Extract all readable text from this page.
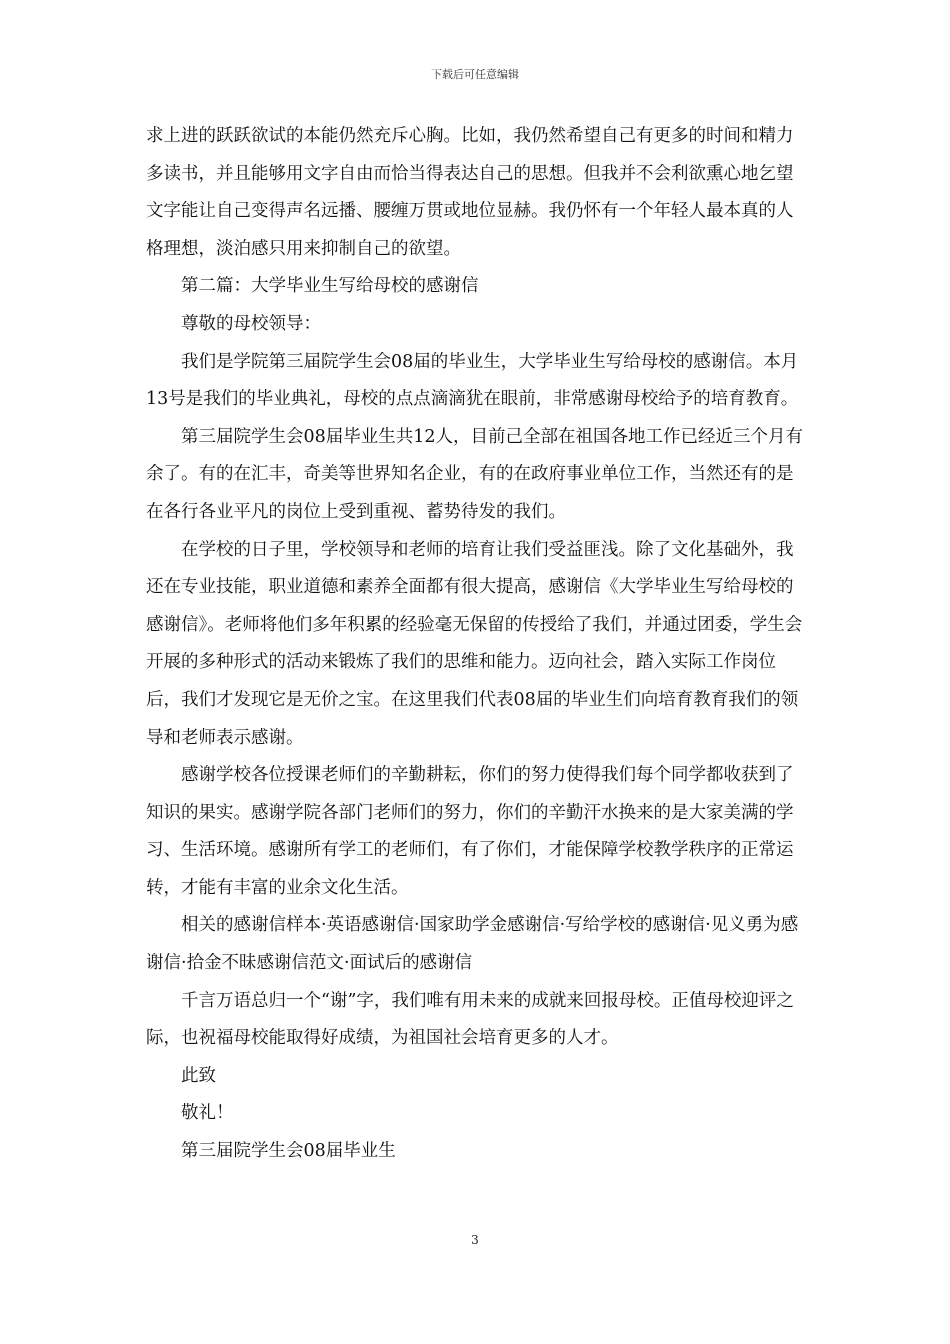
下载后可任意编辑

求上进的跃跃欲试的本能仍然充斥心胸。比如，我仍然希望自己有更多的时间和精力多读书，并且能够用文字自由而恰当得表达自己的思想。但我并不会利欲熏心地乞望文字能让自己变得声名远播、腰缠万贯或地位显赫。我仍怀有一个年轻人最本真的人格理想，淡泊感只用来抑制自己的欲望。

第二篇：大学毕业生写给母校的感谢信

尊敬的母校领导：

我们是学院第三届院学生会08届的毕业生，大学毕业生写给母校的感谢信。本月13号是我们的毕业典礼，母校的点点滴滴犹在眼前，非常感谢母校给予的培育教育。

第三届院学生会08届毕业生共12人，目前己全部在祖国各地工作已经近三个月有余了。有的在汇丰，奇美等世界知名企业，有的在政府事业单位工作，当然还有的是在各行各业平凡的岗位上受到重视、蓄势待发的我们。

在学校的日子里，学校领导和老师的培育让我们受益匪浅。除了文化基础外，我还在专业技能，职业道德和素养全面都有很大提高，感谢信《大学毕业生写给母校的感谢信》。老师将他们多年积累的经验毫无保留的传授给了我们，并通过团委，学生会开展的多种形式的活动来锻炼了我们的思维和能力。迈向社会，踏入实际工作岗位后，我们才发现它是无价之宝。在这里我们代表08届的毕业生们向培育教育我们的领导和老师表示感谢。

感谢学校各位授课老师们的辛勤耕耘，你们的努力使得我们每个同学都收获到了知识的果实。感谢学院各部门老师们的努力，你们的辛勤汗水换来的是大家美满的学习、生活环境。感谢所有学工的老师们，有了你们，才能保障学校教学秩序的正常运转，才能有丰富的业余文化生活。

相关的感谢信样本·英语感谢信·国家助学金感谢信·写给学校的感谢信·见义勇为感谢信·拾金不昧感谢信范文·面试后的感谢信

千言万语总归一个“谢”字，我们唯有用未来的成就来回报母校。正值母校迎评之际，也祝福母校能取得好成绩，为祖国社会培育更多的人才。

此致

敬礼！

第三届院学生会08届毕业生

3
